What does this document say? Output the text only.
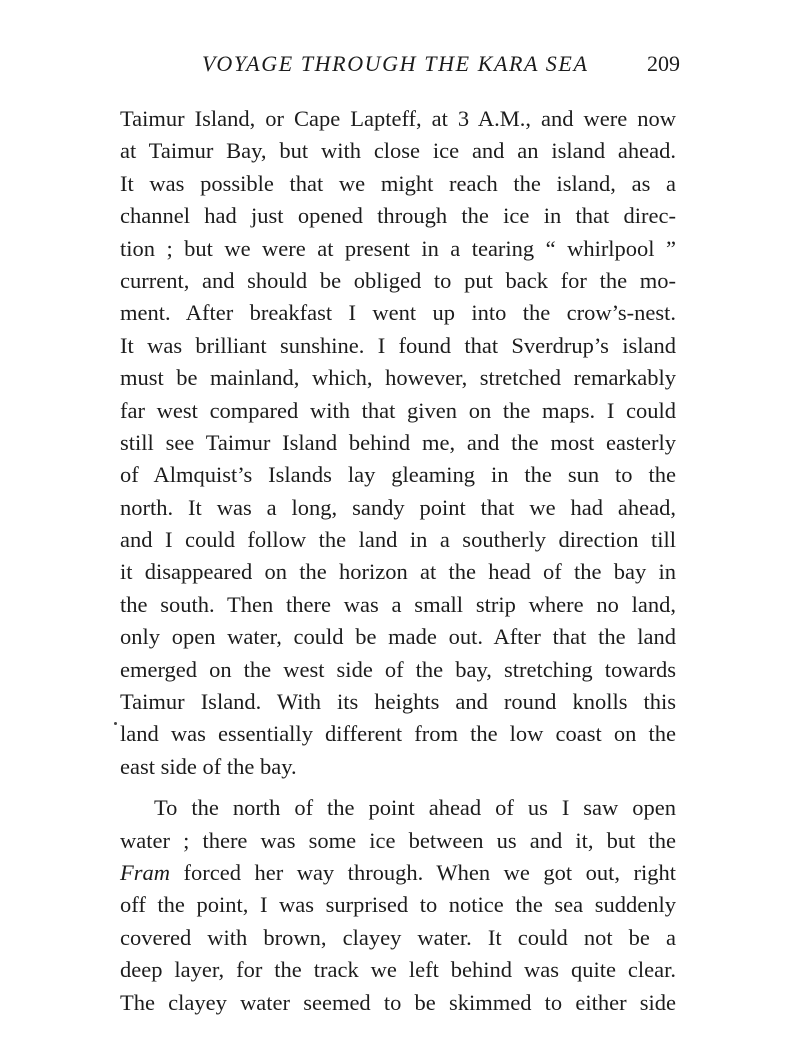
VOYAGE THROUGH THE KARA SEA	209
Taimur Island, or Cape Lapteff, at 3 A.M., and were now
at Taimur Bay, but with close ice and an island ahead.
It was possible that we might reach the island, as a
channel had just opened through the ice in that direc-
tion ; but we were at present in a tearing “ whirlpool ”
current, and should be obliged to put back for the mo-
ment. After breakfast I went up into the crow’s-nest.
It was brilliant sunshine. I found that Sverdrup’s island
must be mainland, which, however, stretched remarkably
far west compared with that given on the maps. I could
still see Taimur Island behind me, and the most easterly
of Almquist’s Islands lay gleaming in the sun to the
north. It was a long, sandy point that we had ahead,
and I could follow the land in a southerly direction till
it disappeared on the horizon at the head of the bay in
the south. Then there was a small strip where no land,
only open water, could be made out. After that the land
emerged on the west side of the bay, stretching towards
Taimur Island. With its heights and round knolls this
land was essentially different from the low coast on the
east side of the bay.
To the north of the point ahead of us I saw open
water ; there was some ice between us and it, but the
Fram forced her way through. When we got out, right
off the point, I was surprised to notice the sea suddenly
covered with brown, clayey water. It could not be a
deep layer, for the track we left behind was quite clear.
The clayey water seemed to be skimmed to either side
